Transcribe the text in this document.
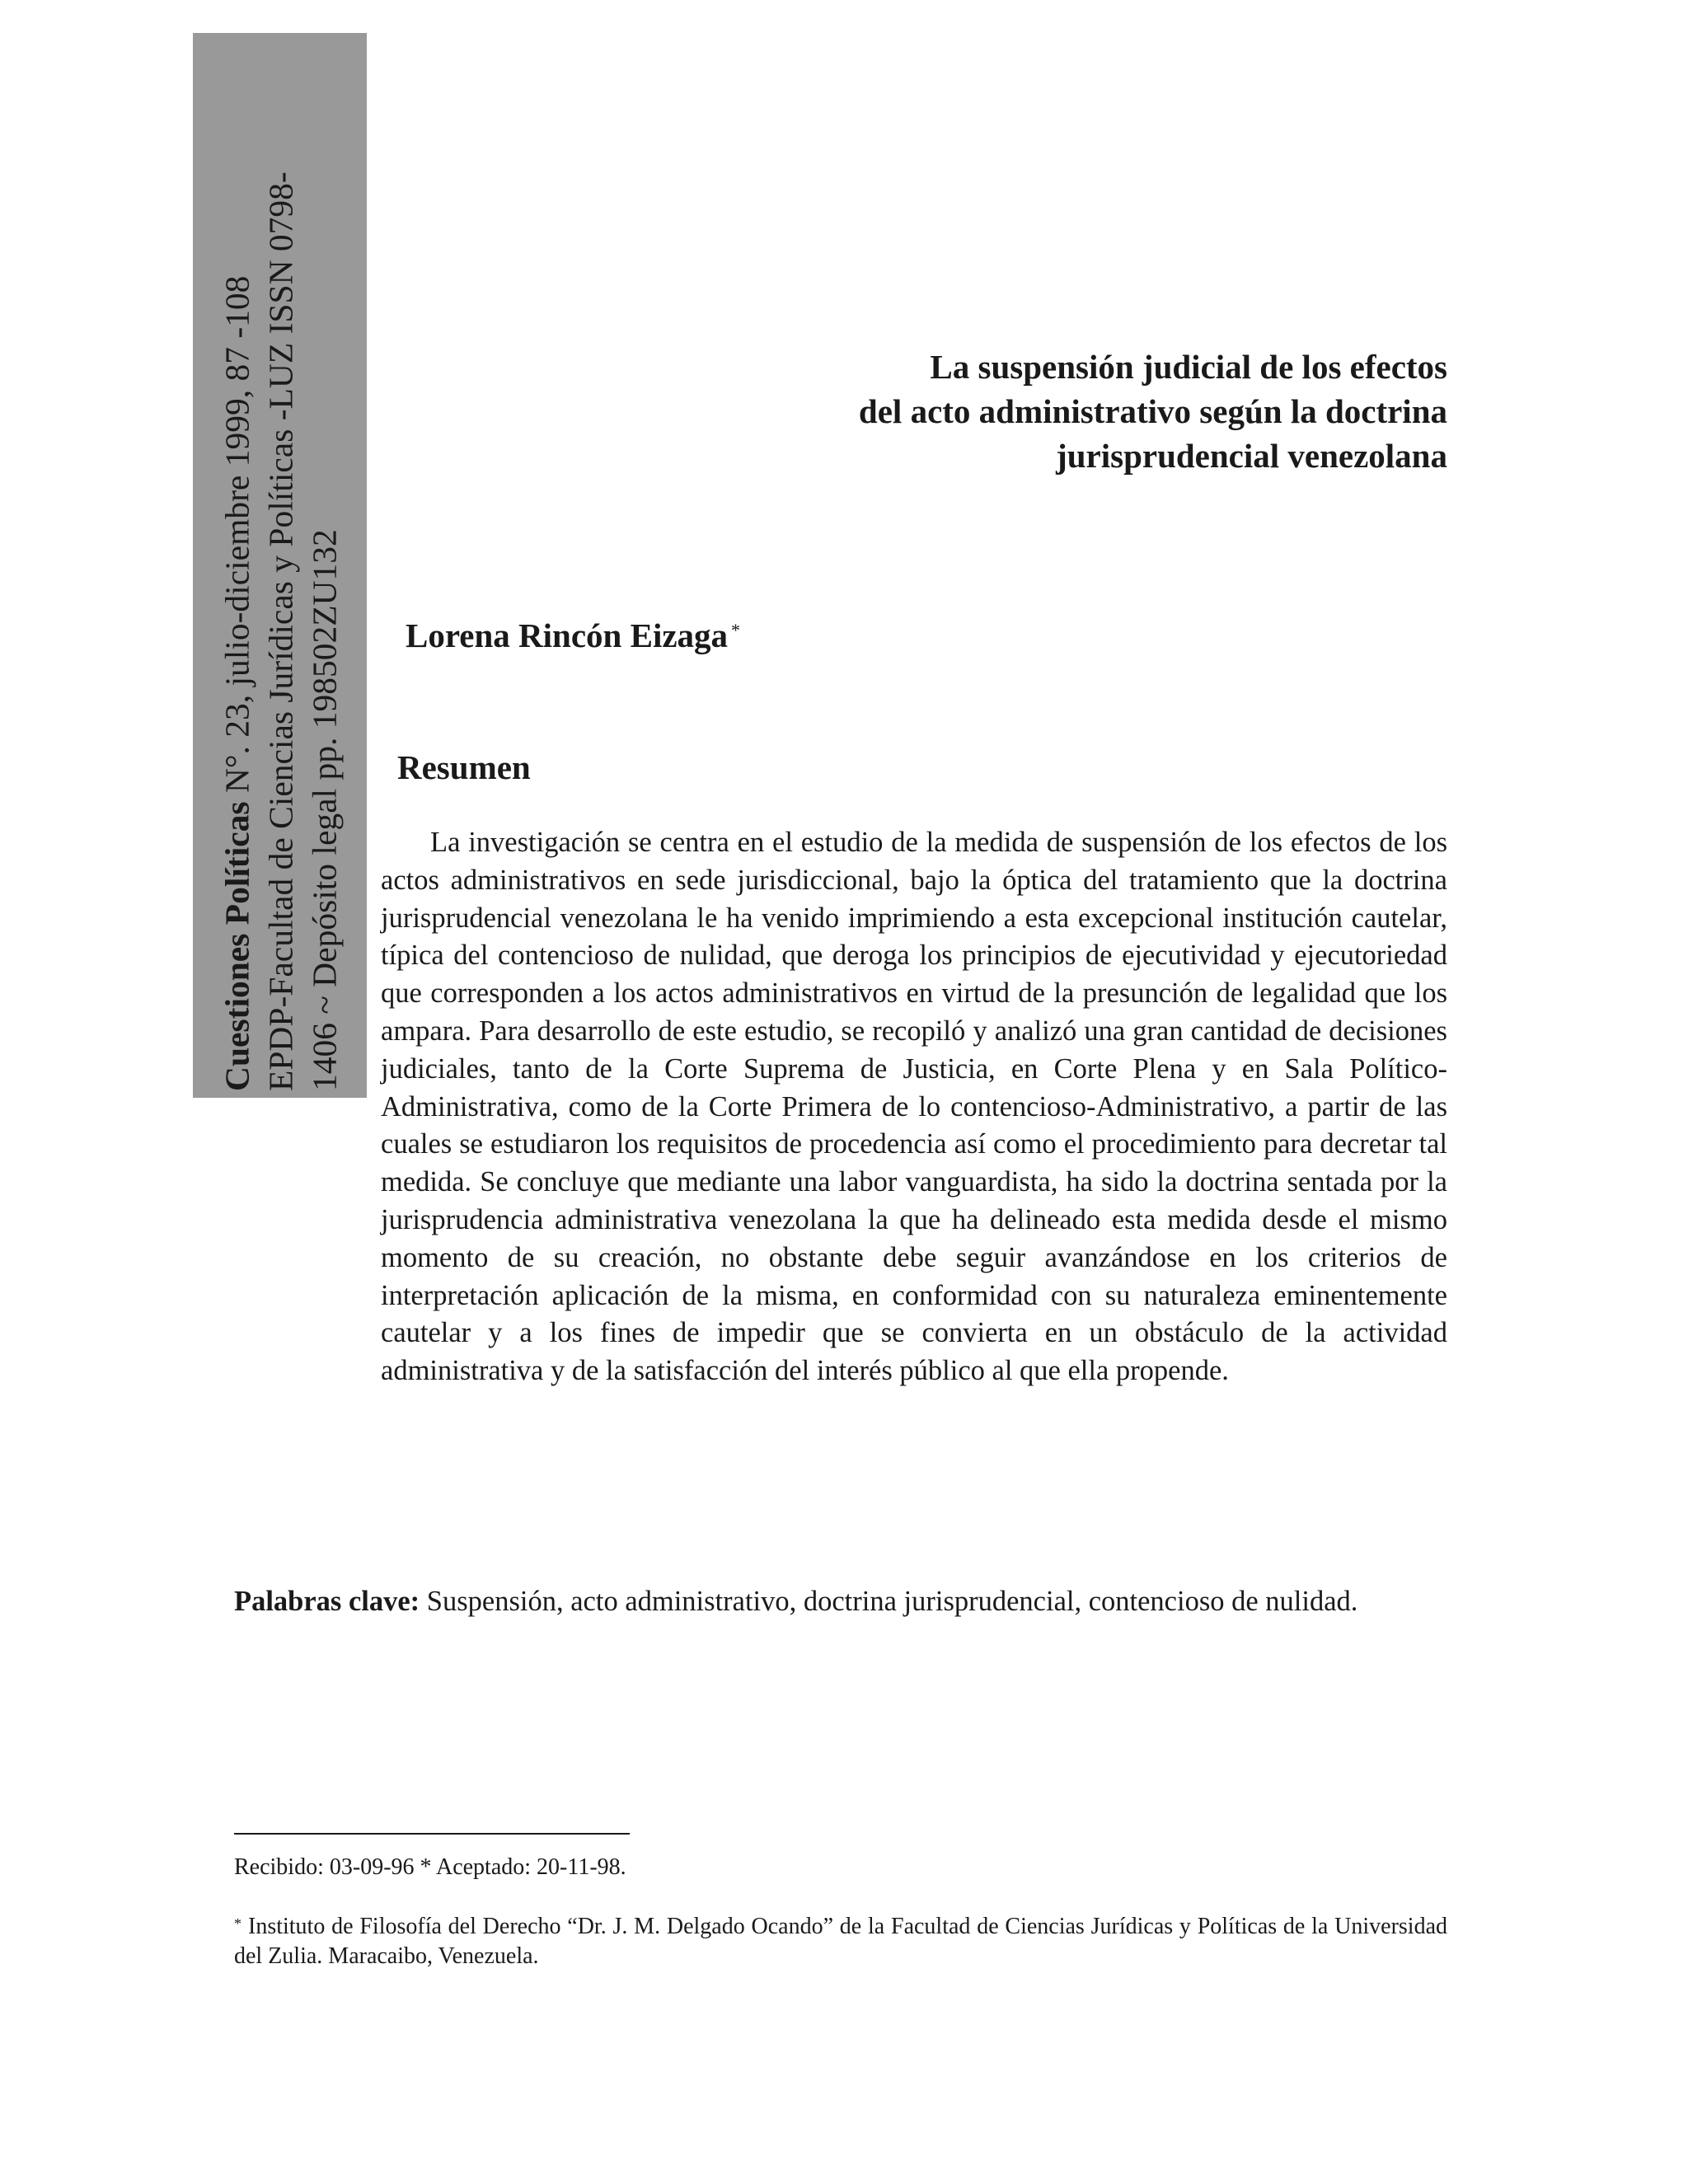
Cuestiones Políticas N°. 23, julio-diciembre 1999, 87 -108 EPDP-Facultad de Ciencias Jurídicas y Políticas -LUZ ISSN 0798- 1406 ~ Depósito legal pp. 198502ZU132
La suspensión judicial de los efectos
del acto administrativo según la doctrina
jurisprudencial venezolana
Lorena Rincón Eizaga *
Resumen

La investigación se centra en el estudio de la medida de suspensión de los efectos de los actos administrativos en sede jurisdiccional, bajo la óptica del tratamiento que la doctrina jurisprudencial venezolana le ha venido imprimiendo a esta excepcional institución cautelar, típica del contencioso de nulidad, que deroga los principios de ejecutividad y ejecutoriedad que corresponden a los actos administrativos en virtud de la presunción de legalidad que los ampara. Para desarrollo de este estudio, se recopiló y analizó una gran cantidad de decisiones judiciales, tanto de la Corte Suprema de Justicia, en Corte Plena y en Sala Político-Administrativa, como de la Corte Primera de lo contencioso-Administrativo, a partir de las cuales se estudiaron los requisitos de procedencia así como el procedimiento para decretar tal medida. Se concluye que mediante una labor vanguardista, ha sido la doctrina sentada por la jurisprudencia administrativa venezolana la que ha delineado esta medida desde el mismo momento de su creación, no obstante debe seguir avanzándose en los criterios de interpretación aplicación de la misma, en conformidad con su naturaleza eminentemente cautelar y a los fines de impedir que se convierta en un obstáculo de la actividad administrativa y de la satisfacción del interés público al que ella propende.

Palabras clave: Suspensión, acto administrativo, doctrina jurisprudencial, contencioso de nulidad.

Recibido: 03-09-96 * Aceptado: 20-11-98.

* Instituto de Filosofía del Derecho “Dr. J. M. Delgado Ocando” de la Facultad de Ciencias Jurídicas y Políticas de la Universidad del Zulia. Maracaibo, Venezuela.
